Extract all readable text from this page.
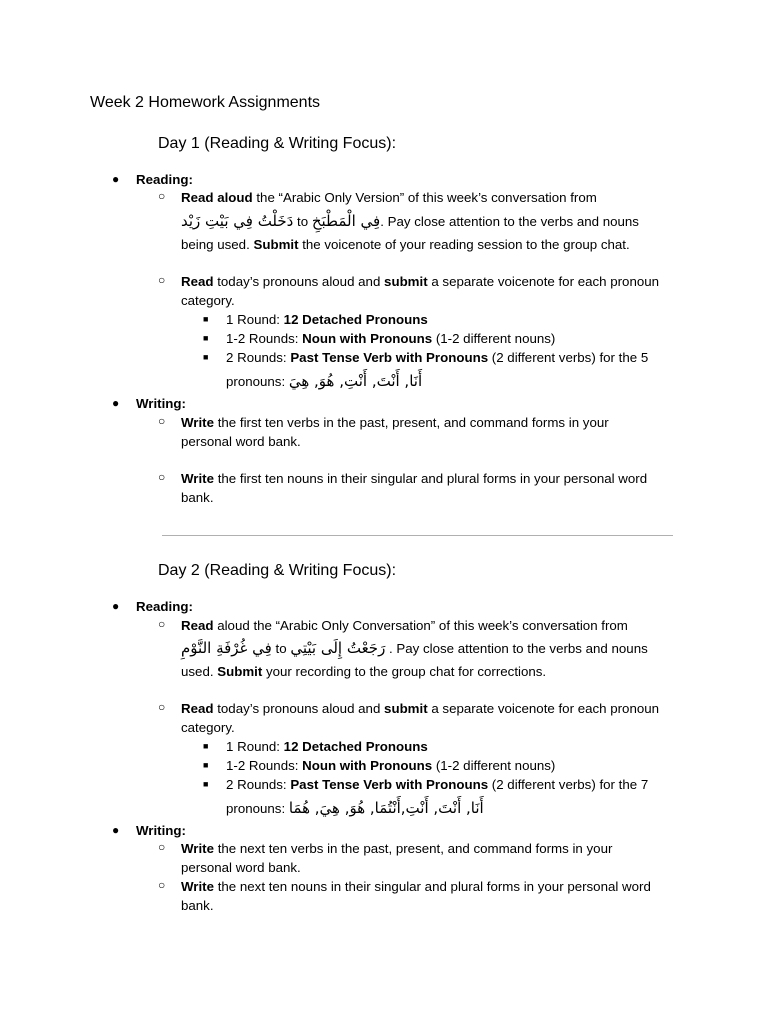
Week 2 Homework Assignments
Day 1 (Reading & Writing Focus):
● Reading:
○ Read aloud the “Arabic Only Version” of this week’s conversation from
دَخَلْتُ فِي بَيْتِ زَيْد to فِي الْمَطْبَخِ. Pay close attention to the verbs and nouns
being used. Submit the voicenote of your reading session to the group chat.
○ Read today’s pronouns aloud and submit a separate voicenote for each pronoun
category.
■ 1 Round: 12 Detached Pronouns
■ 1-2 Rounds: Noun with Pronouns (1-2 different nouns)
■ 2 Rounds: Past Tense Verb with Pronouns (2 different verbs) for the 5
pronouns: أَنَا, أَنْتَ, أَنْتِ, هُوَ, هِيَ
● Writing:
○ Write the first ten verbs in the past, present, and command forms in your
personal word bank.
○ Write the first ten nouns in their singular and plural forms in your personal word
bank.
Day 2 (Reading & Writing Focus):
● Reading:
○ Read aloud the “Arabic Only Conversation” of this week’s conversation from
فِي غُرْفَةِ النَّوْمِ to رَجَعْتُ إِلَى بَيْتِي . Pay close attention to the verbs and nouns
used. Submit your recording to the group chat for corrections.
○ Read today’s pronouns aloud and submit a separate voicenote for each pronoun
category.
■ 1 Round: 12 Detached Pronouns
■ 1-2 Rounds: Noun with Pronouns (1-2 different nouns)
■ 2 Rounds: Past Tense Verb with Pronouns (2 different verbs) for the 7
pronouns: أَنَا, أَنْتَ, أَنْتِ,أَنْتُمَا, هُوَ, هِيَ, هُمَا
● Writing:
○ Write the next ten verbs in the past, present, and command forms in your
personal word bank.
○ Write the next ten nouns in their singular and plural forms in your personal word
bank.
